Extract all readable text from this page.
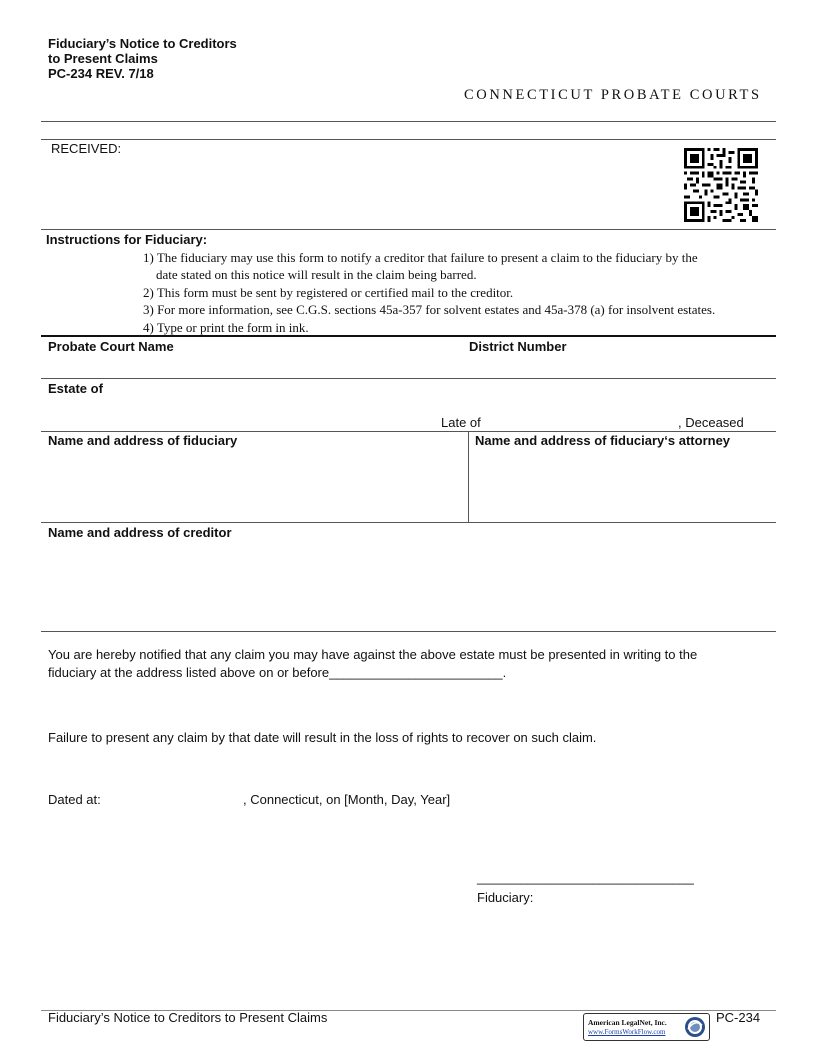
Fiduciary’s Notice to Creditors
to Present Claims
PC-234 REV. 7/18
CONNECTICUT PROBATE COURTS
RECEIVED:
Instructions for Fiduciary:
1) The fiduciary may use this form to notify a creditor that failure to present a claim to the fiduciary by the
date stated on this notice will result in the claim being barred.
2) This form must be sent by registered or certified mail to the creditor.
3) For more information, see C.G.S. sections 45a-357 for solvent estates and 45a-378 (a) for insolvent estates.
4) Type or print the form in ink.
Probate Court Name	District Number
Estate of
Late of	, Deceased
Name and address of fiduciary	Name and address of fiduciary‘s attorney
Name and address of creditor
You are hereby notified that any claim you may have against the above estate must be presented in writing to the
fiduciary at the address listed above on or before________________________.
Failure to present any claim by that date will result in the loss of rights to recover on such claim.
Dated at:	, Connecticut, on [Month, Day, Year]
______________________________
Fiduciary:
Fiduciary’s Notice to Creditors to Present Claims	American LegalNet, Inc.
www.FormsWorkFlow.com
PC-234
